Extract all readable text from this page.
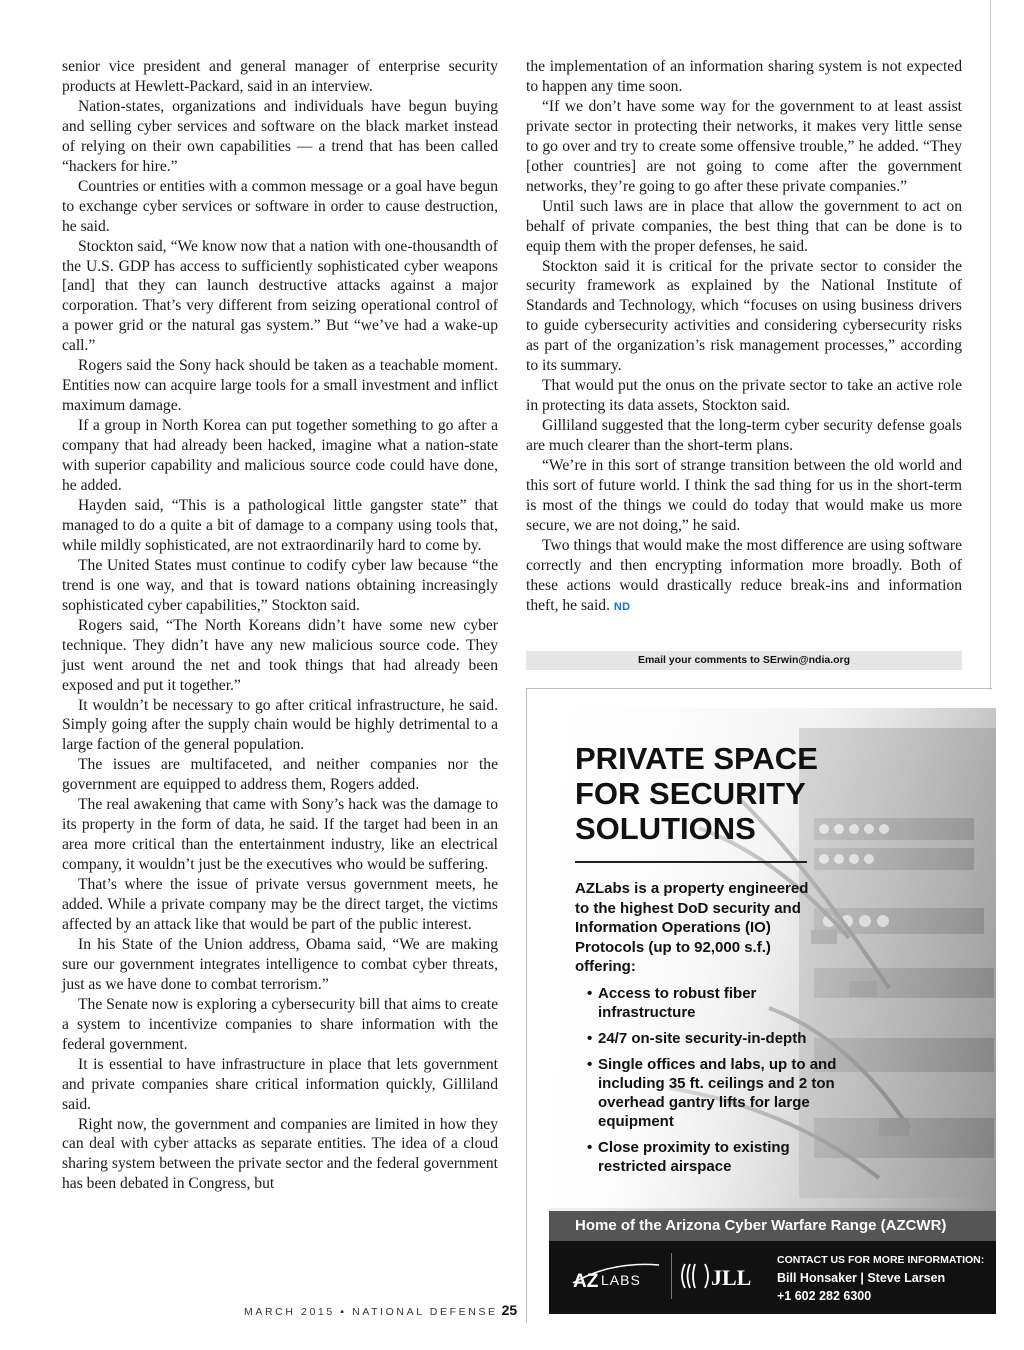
senior vice president and general manager of enterprise security products at Hewlett-Packard, said in an interview.

Nation-states, organizations and individuals have begun buying and selling cyber services and software on the black market instead of relying on their own capabilities — a trend that has been called “hackers for hire.”

Countries or entities with a common message or a goal have begun to exchange cyber services or software in order to cause destruction, he said.

Stockton said, “We know now that a nation with one-thousandth of the U.S. GDP has access to sufficiently sophisticated cyber weapons [and] that they can launch destructive attacks against a major corporation. That’s very different from seizing operational control of a power grid or the natural gas system.” But “we’ve had a wake-up call.”

Rogers said the Sony hack should be taken as a teachable moment. Entities now can acquire large tools for a small investment and inflict maximum damage.

If a group in North Korea can put together something to go after a company that had already been hacked, imagine what a nation-state with superior capability and malicious source code could have done, he added.

Hayden said, “This is a pathological little gangster state” that managed to do a quite a bit of damage to a company using tools that, while mildly sophisticated, are not extraordinarily hard to come by.

The United States must continue to codify cyber law because “the trend is one way, and that is toward nations obtaining increasingly sophisticated cyber capabilities,” Stockton said.

Rogers said, “The North Koreans didn’t have some new cyber technique. They didn’t have any new malicious source code. They just went around the net and took things that had already been exposed and put it together.”

It wouldn’t be necessary to go after critical infrastructure, he said. Simply going after the supply chain would be highly detrimental to a large faction of the general population.

The issues are multifaceted, and neither companies nor the government are equipped to address them, Rogers added.

The real awakening that came with Sony’s hack was the damage to its property in the form of data, he said. If the target had been in an area more critical than the entertainment industry, like an electrical company, it wouldn’t just be the executives who would be suffering.

That’s where the issue of private versus government meets, he added. While a private company may be the direct target, the victims affected by an attack like that would be part of the public interest.

In his State of the Union address, Obama said, “We are making sure our government integrates intelligence to combat cyber threats, just as we have done to combat terrorism.”

The Senate now is exploring a cybersecurity bill that aims to create a system to incentivize companies to share information with the federal government.

It is essential to have infrastructure in place that lets government and private companies share critical information quickly, Gilliland said.

Right now, the government and companies are limited in how they can deal with cyber attacks as separate entities. The idea of a cloud sharing system between the private sector and the federal government has been debated in Congress, but

the implementation of an information sharing system is not expected to happen any time soon.

“If we don’t have some way for the government to at least assist private sector in protecting their networks, it makes very little sense to go over and try to create some offensive trouble,” he added. “They [other countries] are not going to come after the government networks, they’re going to go after these private companies.”

Until such laws are in place that allow the government to act on behalf of private companies, the best thing that can be done is to equip them with the proper defenses, he said.

Stockton said it is critical for the private sector to consider the security framework as explained by the National Institute of Standards and Technology, which “focuses on using business drivers to guide cybersecurity activities and considering cybersecurity risks as part of the organization’s risk management processes,” according to its summary.

That would put the onus on the private sector to take an active role in protecting its data assets, Stockton said.

Gilliland suggested that the long-term cyber security defense goals are much clearer than the short-term plans.

“We’re in this sort of strange transition between the old world and this sort of future world. I think the sad thing for us in the short-term is most of the things we could do today that would make us more secure, we are not doing,” he said.

Two things that would make the most difference are using software correctly and then encrypting information more broadly. Both of these actions would drastically reduce break-ins and information theft, he said. ND

Email your comments to SErwin@ndia.org
PRIVATE SPACE
FOR SECURITY
SOLUTIONS

AZLabs is a property engineered to the highest DoD security and Information Operations (IO) Protocols (up to 92,000 s.f.) offering:

• Access to robust fiber infrastructure
• 24/7 on-site security-in-depth
• Single offices and labs, up to and including 35 ft. ceilings and 2 ton overhead gantry lifts for large equipment
• Close proximity to existing restricted airspace
Home of the Arizona Cyber Warfare Range (AZCWR)
AZ LABS	JLL
CONTACT US FOR MORE INFORMATION:
Bill Honsaker | Steve Larsen
+1 602 282 6300
MARCH 2015 ▪ NATIONAL DEFENSE 25
